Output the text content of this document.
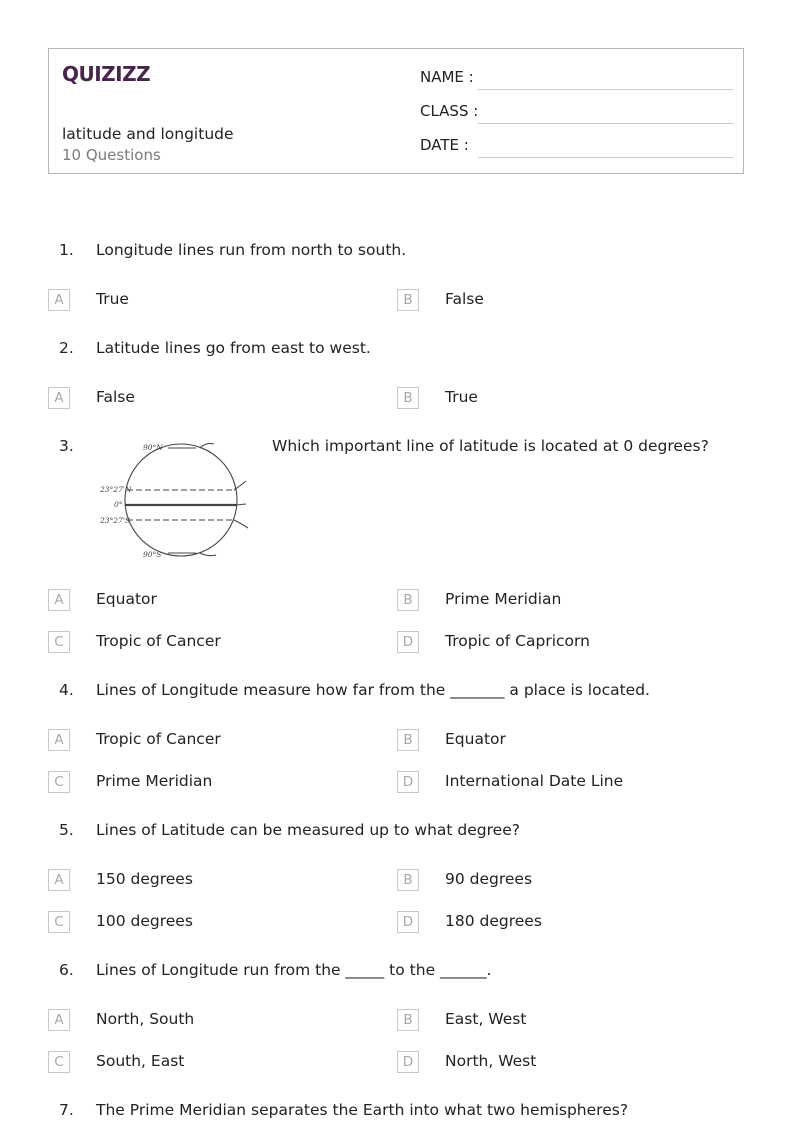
QUIZIZZ
latitude and longitude
10 Questions
NAME :
CLASS :
DATE :
1. Longitude lines run from north to south.
A	True	B	False
2. Latitude lines go from east to west.
A	False	B	True
3.	90°N
23°27'N
0°
23°27'S
90°S
Which important line of latitude is located at 0 degrees?
A	Equator	B	Prime Meridian
C	Tropic of Cancer	D	Tropic of Capricorn
4. Lines of Longitude measure how far from the _______ a place is located.
A	Tropic of Cancer	B	Equator
C	Prime Meridian	D	International Date Line
5. Lines of Latitude can be measured up to what degree?
A	150 degrees	B	90 degrees
C	100 degrees	D	180 degrees
6. Lines of Longitude run from the _____ to the ______.
A	North, South	B	East, West
C	South, East	D	North, West
7. The Prime Meridian separates the Earth into what two hemispheres?
